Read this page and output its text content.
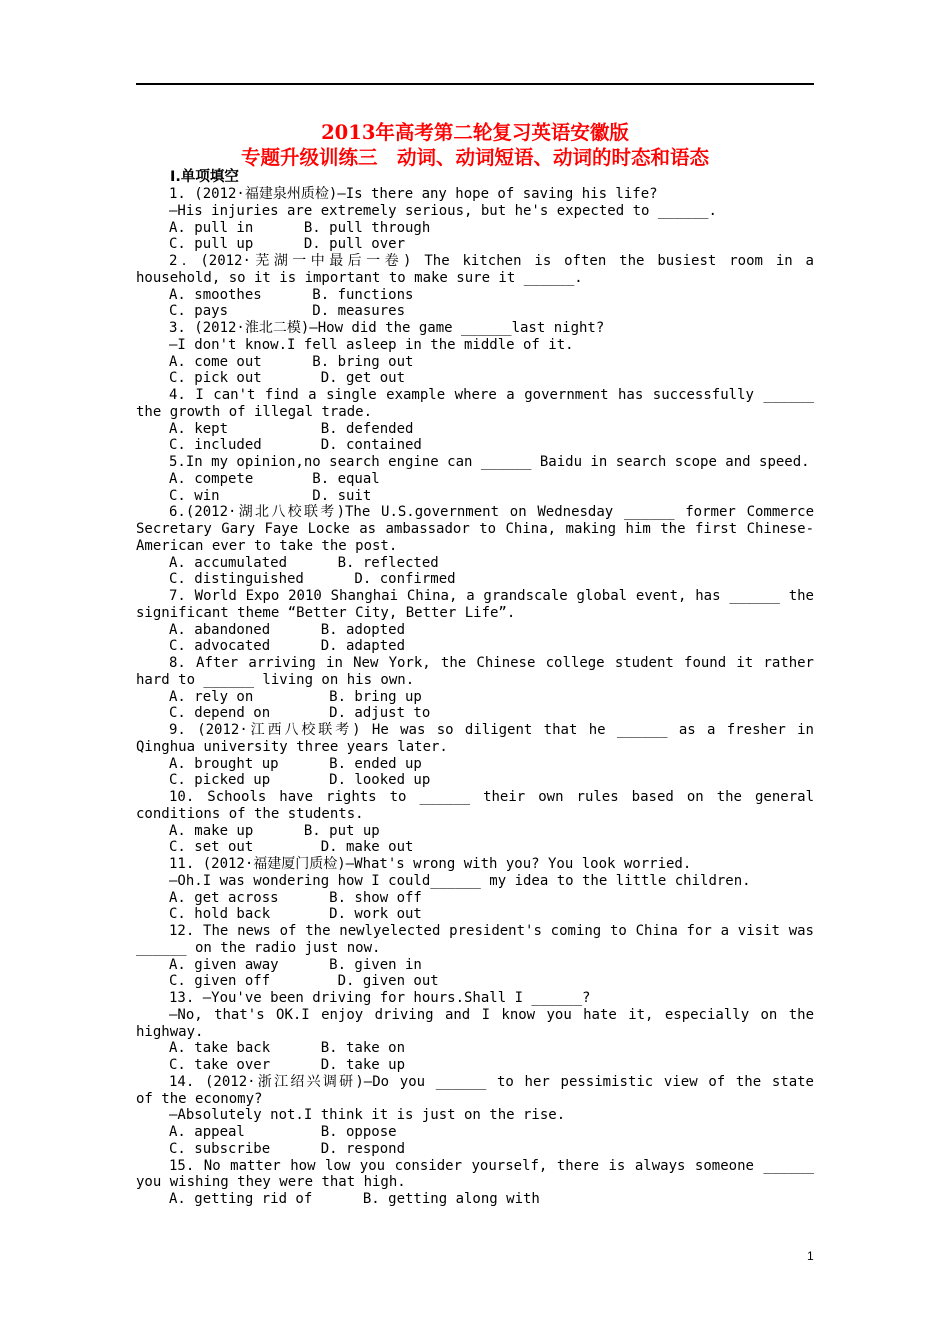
2013年高考第二轮复习英语安徽版
专题升级训练三　动词、动词短语、动词的时态和语态
Ⅰ.单项填空
1. (2012·福建泉州质检)—Is there any hope of saving his life?
—His injuries are extremely serious, but he's expected to ______.
A. pull in      B. pull through
C. pull up      D. pull over
2．(2012·芜湖一中最后一卷) The kitchen is often the busiest room in a
household, so it is important to make sure it ______.
A. smoothes      B. functions
C. pays          D. measures
3. (2012·淮北二模)—How did the game ______last night?
—I don't know.I fell asleep in the middle of it.
A. come out      B. bring out
C. pick out       D. get out
4. I can't find a single example where a government has successfully ______
the growth of illegal trade.
A. kept           B. defended
C. included       D. contained
5.In my opinion,no search engine can ______ Baidu in search scope and speed.
A. compete       B. equal
C. win           D. suit
6.(2012·湖北八校联考)The U.S.government on Wednesday ______ former Commerce
Secretary Gary Faye Locke as ambassador to China, making him the first Chinese-
American ever to take the post.
A. accumulated      B. reflected
C. distinguished      D. confirmed
7. World Expo 2010 Shanghai China, a grandscale global event, has ______ the
significant theme “Better City, Better Life”.
A. abandoned      B. adopted
C. advocated      D. adapted
8. After arriving in New York, the Chinese college student found it rather
hard to ______ living on his own.
A. rely on         B. bring up
C. depend on       D. adjust to
9. (2012·江西八校联考) He was so diligent that he ______ as a fresher in
Qinghua university three years later.
A. brought up      B. ended up
C. picked up       D. looked up
10. Schools have rights to ______ their own rules based on the general
conditions of the students.
A. make up      B. put up
C. set out        D. make out
11. (2012·福建厦门质检)—What's wrong with you? You look worried.
—Oh.I was wondering how I could______ my idea to the little children.
A. get across      B. show off
C. hold back       D. work out
12. The news of the newlyelected president's coming to China for a visit was
______ on the radio just now.
A. given away      B. given in
C. given off        D. given out
13. —You've been driving for hours.Shall I ______?
—No, that's OK.I enjoy driving and I know you hate it, especially on the
highway.
A. take back      B. take on
C. take over      D. take up
14. (2012·浙江绍兴调研)—Do you ______ to her pessimistic view of the state
of the economy?
—Absolutely not.I think it is just on the rise.
A. appeal         B. oppose
C. subscribe      D. respond
15. No matter how low you consider yourself, there is always someone ______
you wishing they were that high.
A. getting rid of      B. getting along with
1
